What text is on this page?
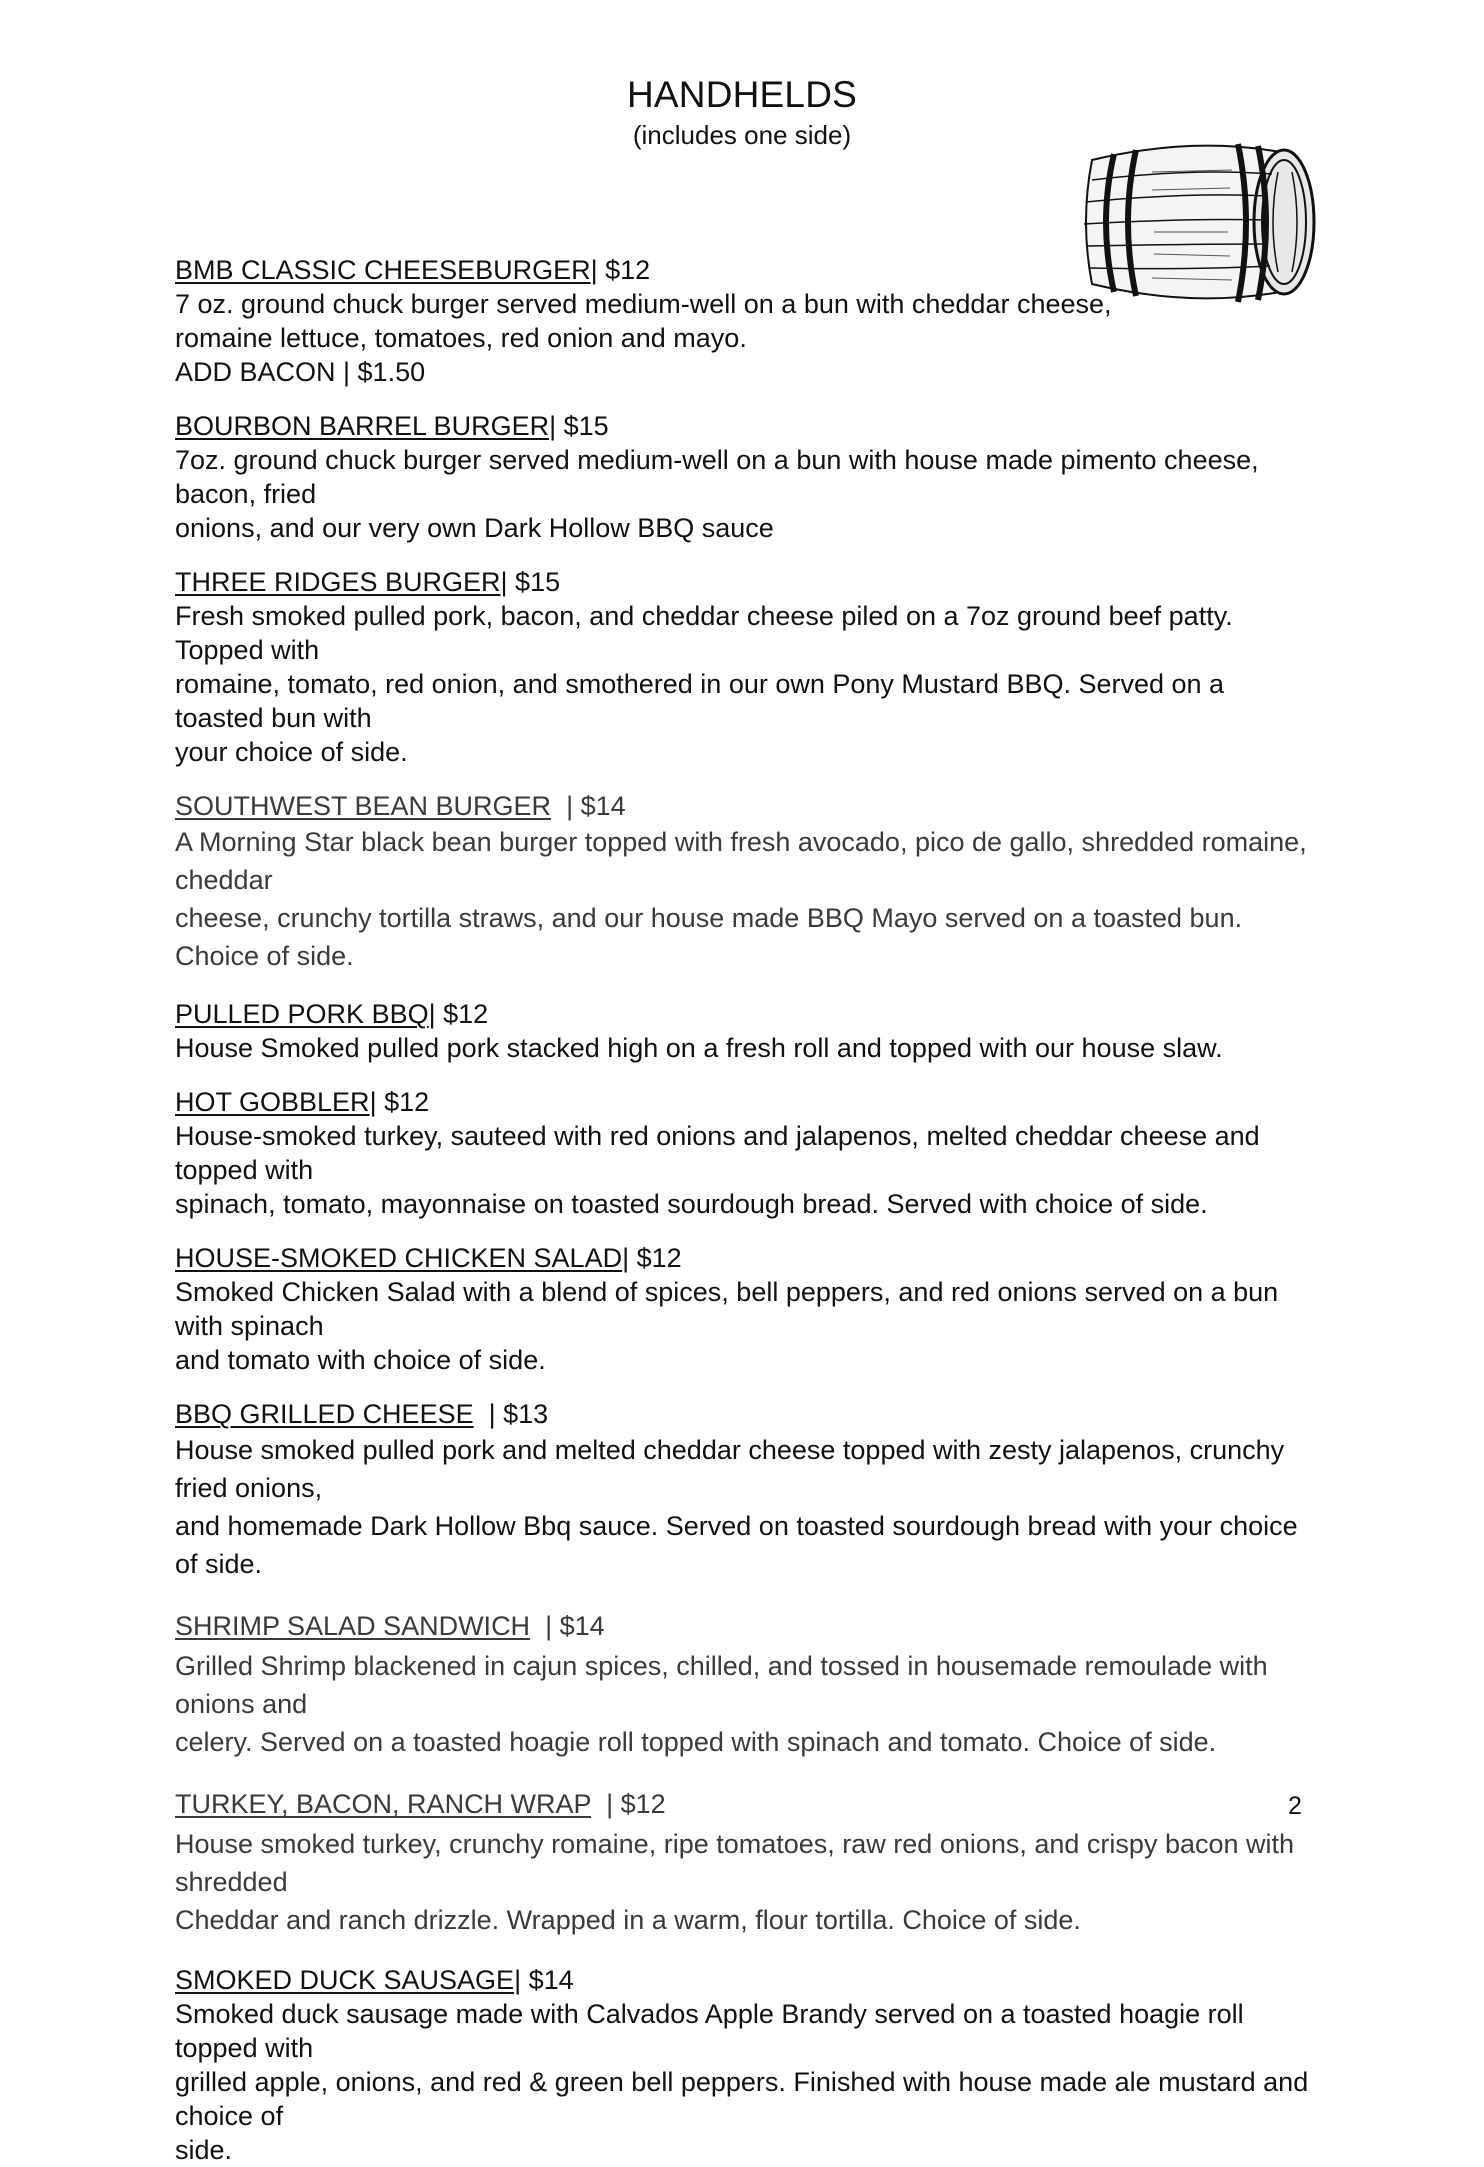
HANDHELDS
(includes one side)
BMB CLASSIC CHEESEBURGER| $12
7 oz. ground chuck burger served medium-well on a bun with cheddar cheese,
romaine lettuce, tomatoes, red onion and mayo.
ADD BACON | $1.50
BOURBON BARREL BURGER| $15
7oz. ground chuck burger served medium-well on a bun with house made pimento cheese, bacon, fried
onions, and our very own Dark Hollow BBQ sauce
THREE RIDGES BURGER| $15
Fresh smoked pulled pork, bacon, and cheddar cheese piled on a 7oz ground beef patty. Topped with
romaine, tomato, red onion, and smothered in our own Pony Mustard BBQ. Served on a toasted bun with
your choice of side.
SOUTHWEST BEAN BURGER  | $14
A Morning Star black bean burger topped with fresh avocado, pico de gallo, shredded romaine, cheddar
cheese, crunchy tortilla straws, and our house made BBQ Mayo served on a toasted bun. Choice of side.
PULLED PORK BBQ| $12
House Smoked pulled pork stacked high on a fresh roll and topped with our house slaw.
HOT GOBBLER| $12
House-smoked turkey, sauteed with red onions and jalapenos, melted cheddar cheese and topped with
spinach, tomato, mayonnaise on toasted sourdough bread. Served with choice of side.
HOUSE-SMOKED CHICKEN SALAD| $12
Smoked Chicken Salad with a blend of spices, bell peppers, and red onions served on a bun with spinach
and tomato with choice of side.
BBQ GRILLED CHEESE  | $13
House smoked pulled pork and melted cheddar cheese topped with zesty jalapenos, crunchy fried onions,
and homemade Dark Hollow Bbq sauce. Served on toasted sourdough bread with your choice of side.
SHRIMP SALAD SANDWICH  | $14
Grilled Shrimp blackened in cajun spices, chilled, and tossed in housemade remoulade with onions and
celery. Served on a toasted hoagie roll topped with spinach and tomato. Choice of side.
TURKEY, BACON, RANCH WRAP  | $12
House smoked turkey, crunchy romaine, ripe tomatoes, raw red onions, and crispy bacon with shredded
Cheddar and ranch drizzle. Wrapped in a warm, flour tortilla. Choice of side.
SMOKED DUCK SAUSAGE| $14
Smoked duck sausage made with Calvados Apple Brandy served on a toasted hoagie roll topped with
grilled apple, onions, and red & green bell peppers. Finished with house made ale mustard and choice of
side.
2
